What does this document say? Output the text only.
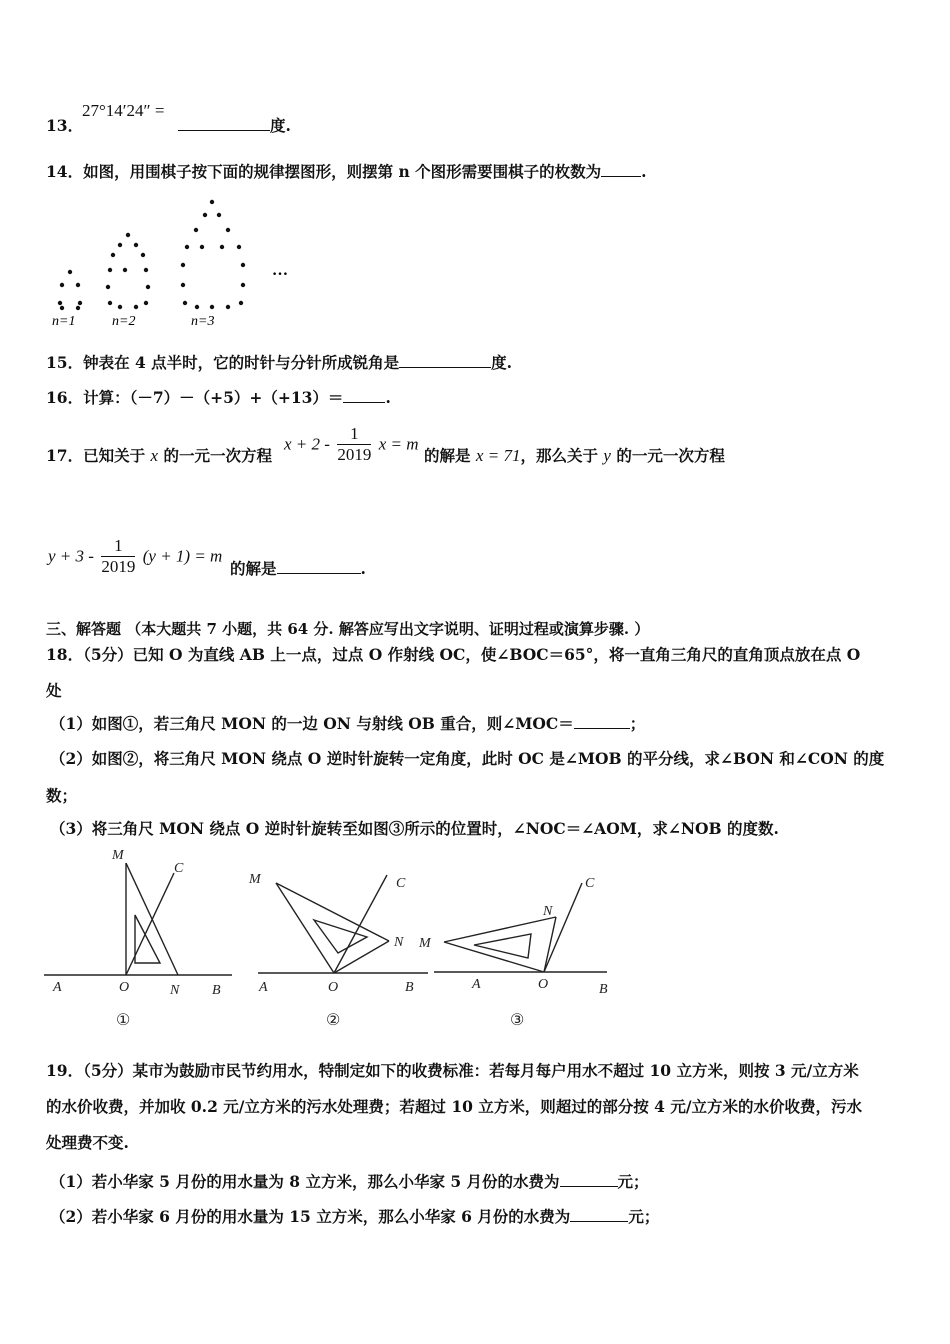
13．
27°14′24″ =
度.
14．如图，用围棋子按下面的规律摆图形，则摆第 n 个图形需要围棋子的枚数为	.
n=1	n=2	n=3
…
15．钟表在 4 点半时，它的时针与分针所成锐角是	度.
16．计算：（－7）－（+5）+（+13）＝	.
17．已知关于 x 的一元一次方程
$x + 2 - \frac{1}{2019}$ x = m
的解是 x = 71，那么关于 y 的一元一次方程
$y + 3 - \frac{1}{2019} (y + 1) = m$
的解是	.
三、解答题 （本大题共 7 小题，共 64 分. 解答应写出文字说明、证明过程或演算步骤. ）
18．（5分）已知 O 为直线 AB 上一点，过点 O 作射线 OC，使∠BOC＝65°，将一直角三角尺的直角顶点放在点 O
处
（1）如图①，若三角尺 MON 的一边 ON 与射线 OB 重合，则∠MOC＝	；
（2）如图②，将三角尺 MON 绕点 O 逆时针旋转一定角度，此时 OC 是∠MOB 的平分线，求∠BON 和∠CON 的度
数；
（3）将三角尺 MON 绕点 O 逆时针旋转至如图③所示的位置时，∠NOC＝∠AOM，求∠NOB 的度数.
M
C
A	O	N B
M	C
N
A	O	B
M
N
C
A	O	B
①	②	③
19．（5分）某市为鼓励市民节约用水，特制定如下的收费标准：若每月每户用水不超过 10 立方米，则按 3 元/立方米
的水价收费，并加收 0.2 元/立方米的污水处理费；若超过 10 立方米，则超过的部分按 4 元/立方米的水价收费，污水
处理费不变.
（1）若小华家 5 月份的用水量为 8 立方米，那么小华家 5 月份的水费为	元；
（2）若小华家 6 月份的用水量为 15 立方米，那么小华家 6 月份的水费为	元；
